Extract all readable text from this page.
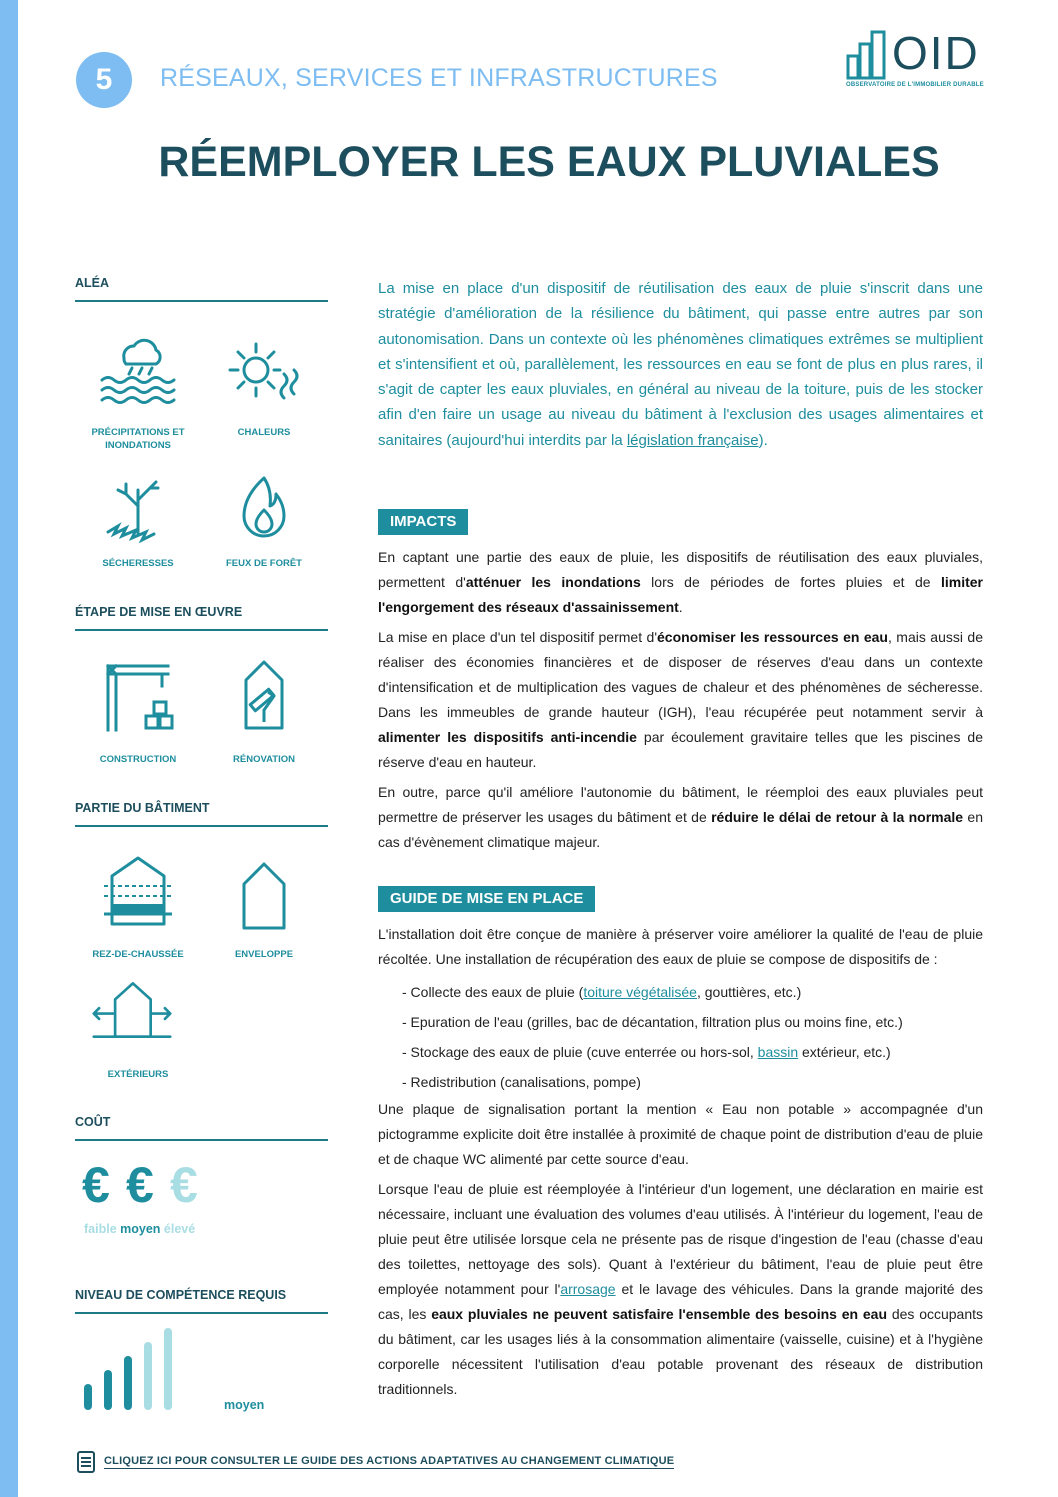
5	RÉSEAUX, SERVICES ET INFRASTRUCTURES	OID
OBSERVATOIRE DE L'IMMOBILIER DURABLE
RÉEMPLOYER LES EAUX PLUVIALES
ALÉA
PRÉCIPITATIONS ET INONDATIONS
CHALEURS
SÉCHERESSES	FEUX DE FORÊT
ÉTAPE DE MISE EN ŒUVRE
CONSTRUCTION	RÉNOVATION
PARTIE DU BÂTIMENT
REZ-DE-CHAUSSÉE	ENVELOPPE
EXTÉRIEURS
COÛT
€ € €
faible moyen élevé
NIVEAU DE COMPÉTENCE REQUIS
moyen
La mise en place d'un dispositif de réutilisation des eaux de pluie s'inscrit dans une stratégie d'amélioration de la résilience du bâtiment, qui passe entre autres par son autonomisation. Dans un contexte où les phénomènes climatiques extrêmes se multiplient et s'intensifient et où, parallèlement, les ressources en eau se font de plus en plus rares, il s'agit de capter les eaux pluviales, en général au niveau de la toiture, puis de les stocker afin d'en faire un usage au niveau du bâtiment à l'exclusion des usages alimentaires et sanitaires (aujourd'hui interdits par la législation française).
IMPACTS

En captant une partie des eaux de pluie, les dispositifs de réutilisation des eaux pluviales, permettent d'atténuer les inondations lors de périodes de fortes pluies et de limiter l'engorgement des réseaux d'assainissement.

La mise en place d'un tel dispositif permet d'économiser les ressources en eau, mais aussi de réaliser des économies financières et de disposer de réserves d'eau dans un contexte d'intensification et de multiplication des vagues de chaleur et des phénomènes de sécheresse. Dans les immeubles de grande hauteur (IGH), l'eau récupérée peut notamment servir à alimenter les dispositifs anti-incendie par écoulement gravitaire telles que les piscines de réserve d'eau en hauteur.

En outre, parce qu'il améliore l'autonomie du bâtiment, le réemploi des eaux pluviales peut permettre de préserver les usages du bâtiment et de réduire le délai de retour à la normale en cas d'évènement climatique majeur.

GUIDE DE MISE EN PLACE

L'installation doit être conçue de manière à préserver voire améliorer la qualité de l'eau de pluie récoltée. Une installation de récupération des eaux de pluie se compose de dispositifs de :

- Collecte des eaux de pluie (toiture végétalisée, gouttières, etc.)
- Epuration de l'eau (grilles, bac de décantation, filtration plus ou moins fine, etc.)
- Stockage des eaux de pluie (cuve enterrée ou hors-sol, bassin extérieur, etc.)
- Redistribution (canalisations, pompe)

Une plaque de signalisation portant la mention « Eau non potable » accompagnée d'un pictogramme explicite doit être installée à proximité de chaque point de distribution d'eau de pluie et de chaque WC alimenté par cette source d'eau.

Lorsque l'eau de pluie est réemployée à l'intérieur d'un logement, une déclaration en mairie est nécessaire, incluant une évaluation des volumes d'eau utilisés. À l'intérieur du logement, l'eau de pluie peut être utilisée lorsque cela ne présente pas de risque d'ingestion de l'eau (chasse d'eau des toilettes, nettoyage des sols). Quant à l'extérieur du bâtiment, l'eau de pluie peut être employée notamment pour l'arrosage et le lavage des véhicules. Dans la grande majorité des cas, les eaux pluviales ne peuvent satisfaire l'ensemble des besoins en eau des occupants du bâtiment, car les usages liés à la consommation alimentaire (vaisselle, cuisine) et à l'hygiène corporelle nécessitent l'utilisation d'eau potable provenant des réseaux de distribution traditionnels.

CLIQUEZ ICI POUR CONSULTER LE GUIDE DES ACTIONS ADAPTATIVES AU CHANGEMENT CLIMATIQUE
